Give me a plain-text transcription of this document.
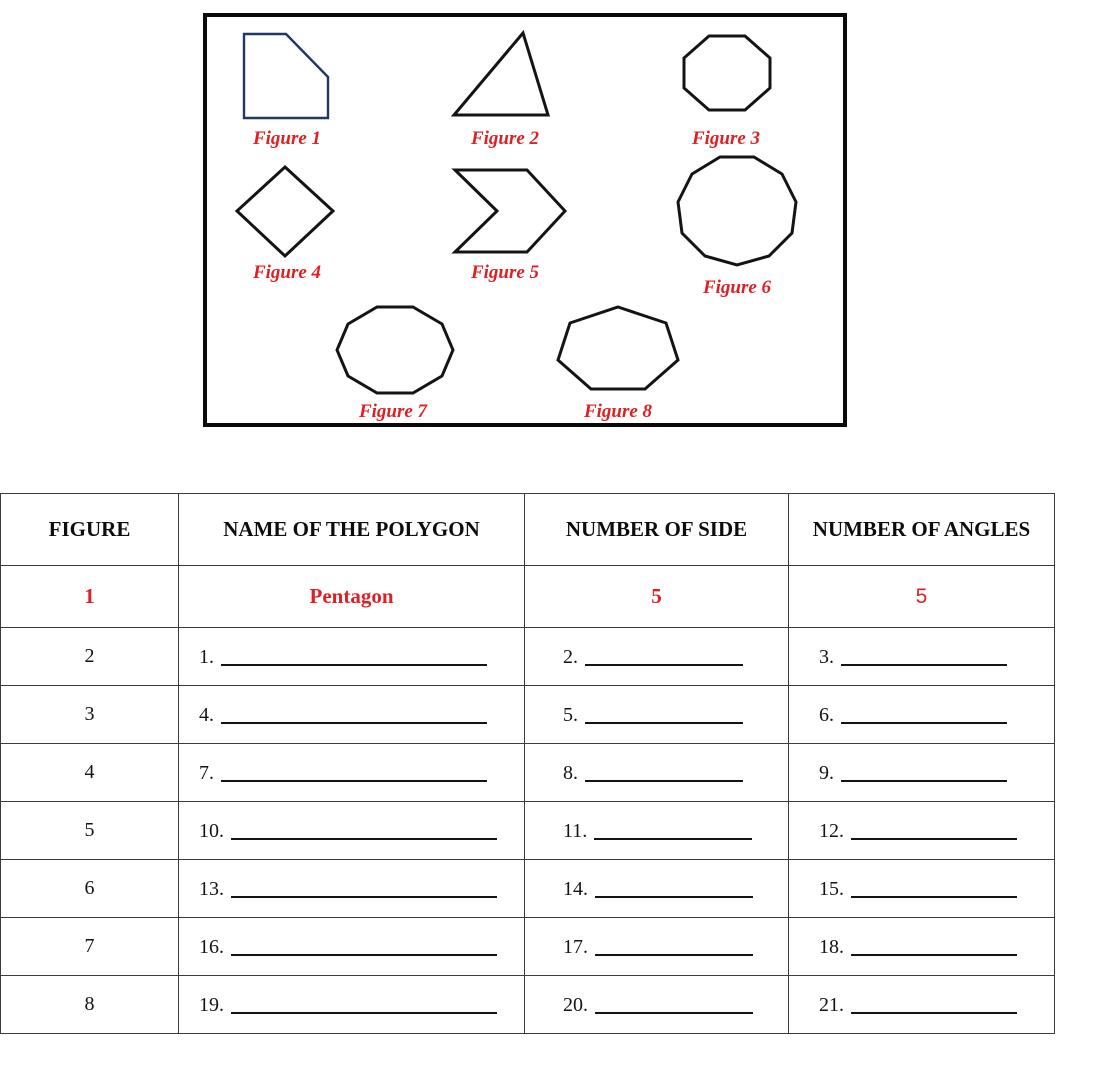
Figure 1	Figure 2	Figure 3
Figure 4	Figure 5
Figure 6
Figure 7	Figure 8
FIGURE	NAME OF THE POLYGON	NUMBER OF SIDE	NUMBER OF ANGLES
1	Pentagon	5	5
2	1.	2.	3.
3	4.	5.	6.
4	7.	8.	9.
5	10.	11.	12.
6	13.	14.	15.
7	16.	17.	18.
8	19.	20.	21.
